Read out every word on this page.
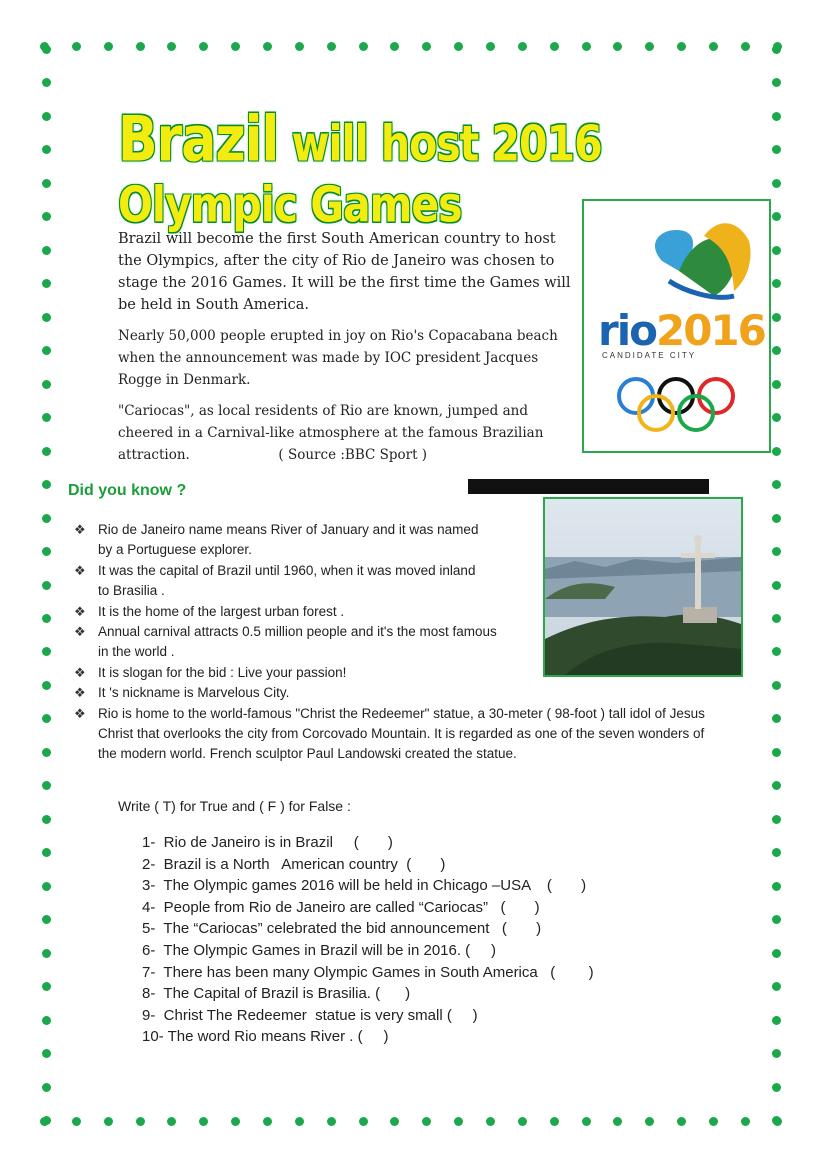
Brazil will host 2016 Olympic Games

Brazil will become the first South American country to host the Olympics, after the city of Rio de Janeiro was chosen to stage the 2016 Games. It will be the first time the Games will be held in South America.

Nearly 50,000 people erupted in joy on Rio's Copacabana beach when the announcement was made by IOC president Jacques Rogge in Denmark.

"Cariocas", as local residents of Rio are known, jumped and cheered in a Carnival-like atmosphere at the famous Brazilian attraction.	( Source :BBC Sport )

rio2016
CANDIDATE CITY
Did you know ?
❖ Rio de Janeiro name means River of January and it was named by a Portuguese explorer.
❖ It was the capital of Brazil until 1960, when it was moved inland to Brasilia .
❖ It is the home of the largest urban forest .
❖ Annual carnival attracts 0.5 million people and it's the most famous in the world .
❖ It is slogan for the bid : Live your passion!
❖ It 's nickname is Marvelous City.
❖ Rio is home to the world-famous "Christ the Redeemer" statue, a 30-meter ( 98-foot ) tall idol of Jesus Christ that overlooks the city from Corcovado Mountain. It is regarded as one of the seven wonders of the modern world. French sculptor Paul Landowski created the statue.

Write ( T) for True and ( F ) for False :

1-  Rio de Janeiro is in Brazil     (       )
2-  Brazil is a North   American country  (       )
3-  The Olympic games 2016 will be held in Chicago –USA    (       )
4-  People from Rio de Janeiro are called “Cariocas”   (       )
5-  The “Cariocas” celebrated the bid announcement   (       )
6-  The Olympic Games in Brazil will be in 2016. (     )
7-  There has been many Olympic Games in South America   (        )
8-  The Capital of Brazil is Brasilia. (      )
9-  Christ The Redeemer  statue is very small (     )
10- The word Rio means River . (     )
